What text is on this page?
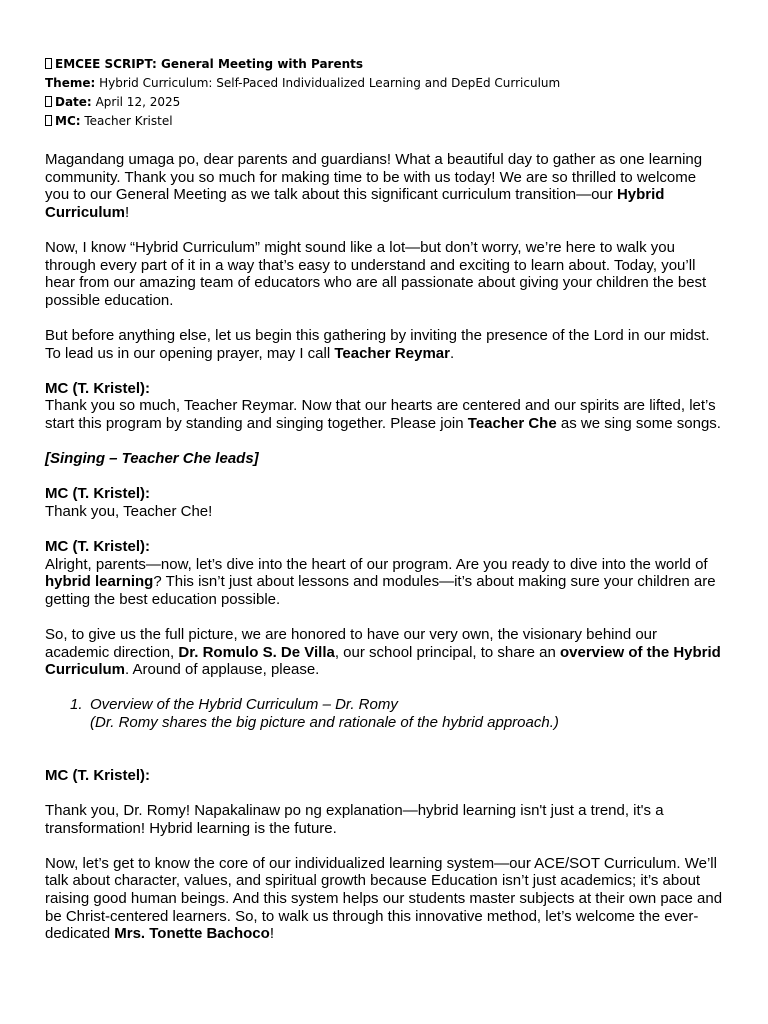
EMCEE SCRIPT: General Meeting with Parents
Theme: Hybrid Curriculum: Self-Paced Individualized Learning and DepEd Curriculum
Date: April 12, 2025
MC: Teacher Kristel

Magandang umaga po, dear parents and guardians! What a beautiful day to gather as one learning community. Thank you so much for making time to be with us today! We are so thrilled to welcome you to our General Meeting as we talk about this significant curriculum transition—our Hybrid Curriculum!

Now, I know “Hybrid Curriculum” might sound like a lot—but don’t worry, we’re here to walk you through every part of it in a way that’s easy to understand and exciting to learn about. Today, you’ll hear from our amazing team of educators who are all passionate about giving your children the best possible education.

But before anything else, let us begin this gathering by inviting the presence of the Lord in our midst. To lead us in our opening prayer, may I call Teacher Reymar.

MC (T. Kristel):
Thank you so much, Teacher Reymar. Now that our hearts are centered and our spirits are lifted, let’s start this program by standing and singing together. Please join Teacher Che as we sing some songs.

[Singing – Teacher Che leads]

MC (T. Kristel):
Thank you, Teacher Che!

MC (T. Kristel):
Alright, parents—now, let’s dive into the heart of our program. Are you ready to dive into the world of hybrid learning? This isn’t just about lessons and modules—it’s about making sure your children are getting the best education possible.

So, to give us the full picture, we are honored to have our very own, the visionary behind our academic direction, Dr. Romulo S. De Villa, our school principal, to share an overview of the Hybrid Curriculum. Around of applause, please.

1. Overview of the Hybrid Curriculum – Dr. Romy
(Dr. Romy shares the big picture and rationale of the hybrid approach.)

MC (T. Kristel):

Thank you, Dr. Romy! Napakalinaw po ng explanation—hybrid learning isn't just a trend, it's a transformation! Hybrid learning is the future.

Now, let’s get to know the core of our individualized learning system—our ACE/SOT Curriculum. We’ll talk about character, values, and spiritual growth because Education isn’t just academics; it’s about raising good human beings. And this system helps our students master subjects at their own pace and be Christ-centered learners. So, to walk us through this innovative method, let’s welcome the ever-dedicated Mrs. Tonette Bachoco!
